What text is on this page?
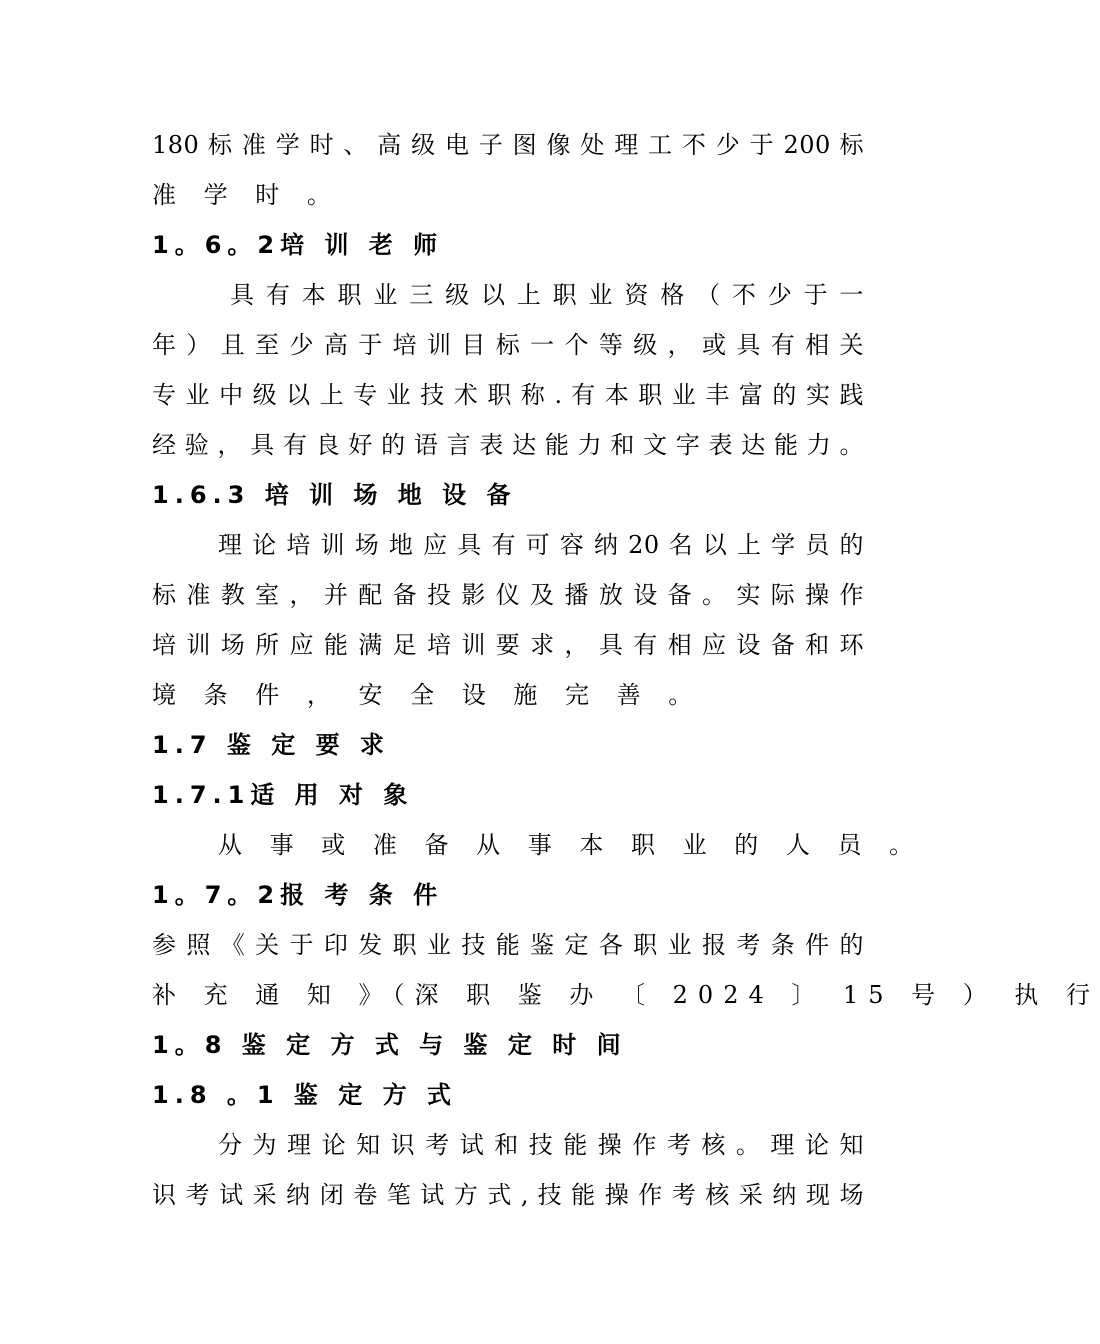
180 标 准 学 时 、 高 级 电 子 图 像 处 理 工 不 少 于 200 标
准 学 时 。
1。6。2培 训 老 师
具 有 本 职 业 三 级 以 上 职 业 资 格 （ 不 少 于 一
年 ） 且 至 少 高 于 培 训 目 标 一 个 等 级 ， 或 具 有 相 关
专 业 中 级 以 上 专 业 技 术 职 称 . 有 本 职 业 丰 富 的 实 践
经 验 ， 具 有 良 好 的 语 言 表 达 能 力 和 文 字 表 达 能 力 。
1.6.3 培 训 场 地 设 备
理 论 培 训 场 地 应 具 有 可 容 纳 20 名 以 上 学 员 的
标 准 教 室 ， 并 配 备 投 影 仪 及 播 放 设 备 。 实 际 操 作
培 训 场 所 应 能 满 足 培 训 要 求 ， 具 有 相 应 设 备 和 环
境 条 件 ， 安 全 设 施 完 善 。
1.7 鉴 定 要 求
1.7.1适 用 对 象
从 事 或 准 备 从 事 本 职 业 的 人 员 。
1。7。2报 考 条 件
参 照 《 关 于 印 发 职 业 技 能 鉴 定 各 职 业 报 考 条 件 的
补 充 通 知 》（深 职 鉴 办 〔 2024 〕 15 号 ） 执 行
1。8 鉴 定 方 式 与 鉴 定 时 间
1.8 。1 鉴 定 方 式
分 为 理 论 知 识 考 试 和 技 能 操 作 考 核 。 理 论 知
识 考 试 采 纳 闭 卷 笔 试 方 式 , 技 能 操 作 考 核 采 纳 现 场
